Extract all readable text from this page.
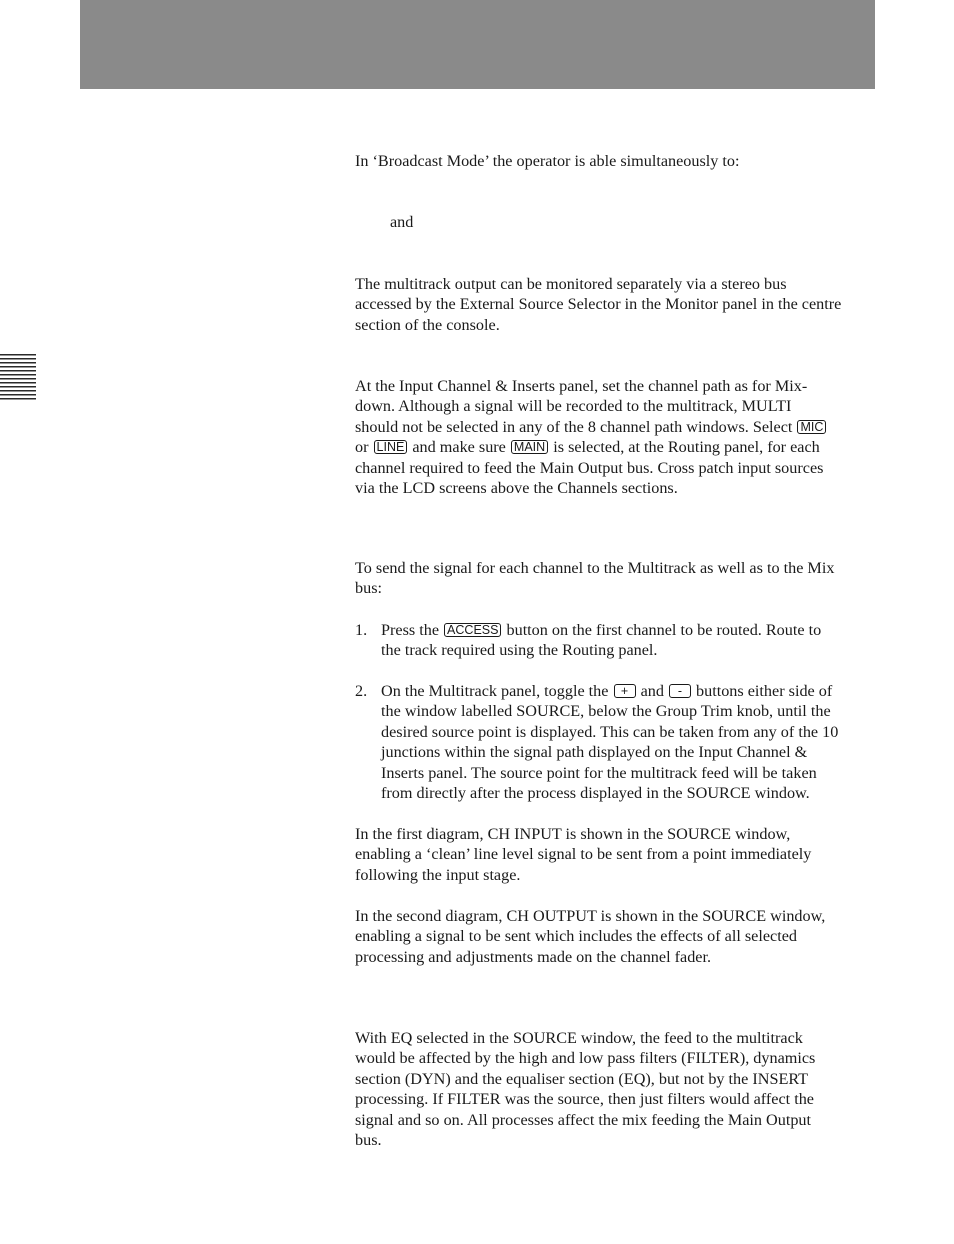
In ‘Broadcast Mode’ the operator is able simultaneously to:

and

The multitrack output can be monitored separately via a stereo bus
accessed by the External Source Selector in the Monitor panel in the centre
section of the console.

At the Input Channel & Inserts panel, set the channel path as for Mix-
down. Although a signal will be recorded to the multitrack, MULTI
should not be selected in any of the 8 channel path windows. Select MIC
or LINE and make sure MAIN is selected, at the Routing panel, for each
channel required to feed the Main Output bus. Cross patch input sources
via the LCD screens above the Channels sections.

To send the signal for each channel to the Multitrack as well as to the Mix
bus:

1. Press the ACCESS button on the first channel to be routed. Route to
the track required using the Routing panel.
2. On the Multitrack panel, toggle the + and - buttons either side of
the window labelled SOURCE, below the Group Trim knob, until the
desired source point is displayed. This can be taken from any of the 10
junctions within the signal path displayed on the Input Channel &
Inserts panel. The source point for the multitrack feed will be taken
from directly after the process displayed in the SOURCE window.

In the first diagram, CH INPUT is shown in the SOURCE window,
enabling a ‘clean’ line level signal to be sent from a point immediately
following the input stage.

In the second diagram, CH OUTPUT is shown in the SOURCE window,
enabling a signal to be sent which includes the effects of all selected
processing and adjustments made on the channel fader.

With EQ selected in the SOURCE window, the feed to the multitrack
would be affected by the high and low pass filters (FILTER), dynamics
section (DYN) and the equaliser section (EQ), but not by the INSERT
processing. If FILTER was the source, then just filters would affect the
signal and so on. All processes affect the mix feeding the Main Output
bus.
